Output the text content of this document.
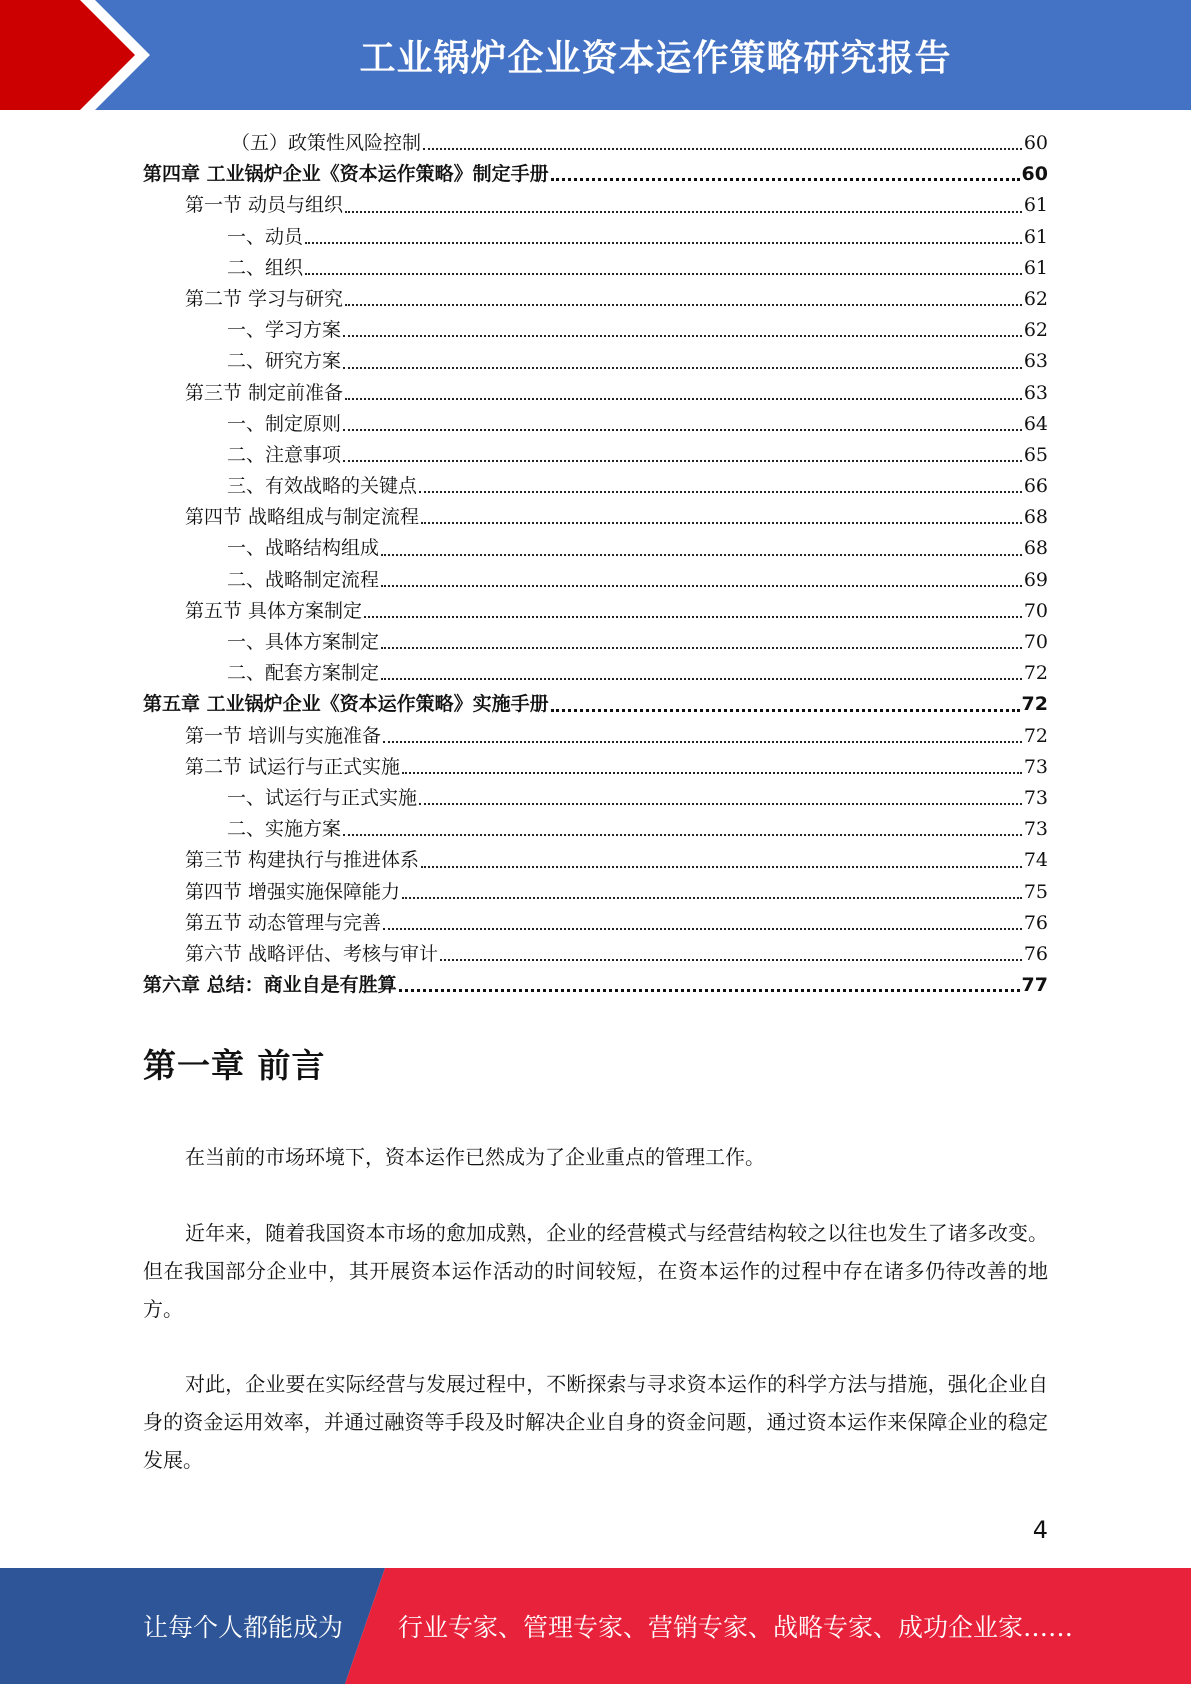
工业锅炉企业资本运作策略研究报告
（五）政策性风险控制	60
第四章 工业锅炉企业《资本运作策略》制定手册	60
第一节 动员与组织	61
一、动员	61
二、组织	61
第二节 学习与研究	62
一、学习方案	62
二、研究方案	63
第三节 制定前准备	63
一、制定原则	64
二、注意事项	65
三、有效战略的关键点	66
第四节 战略组成与制定流程	68
一、战略结构组成	68
二、战略制定流程	69
第五节 具体方案制定	70
一、具体方案制定	70
二、配套方案制定	72
第五章 工业锅炉企业《资本运作策略》实施手册	72
第一节 培训与实施准备	72
第二节 试运行与正式实施	73
一、试运行与正式实施	73
二、实施方案	73
第三节 构建执行与推进体系	74
第四节 增强实施保障能力	75
第五节 动态管理与完善	76
第六节 战略评估、考核与审计	76
第六章 总结：商业自是有胜算	77
第一章 前言

在当前的市场环境下，资本运作已然成为了企业重点的管理工作。

近年来，随着我国资本市场的愈加成熟，企业的经营模式与经营结构较之以往也发生了诸多改变。但在我国部分企业中，其开展资本运作活动的时间较短，在资本运作的过程中存在诸多仍待改善的地方。

对此，企业要在实际经营与发展过程中，不断探索与寻求资本运作的科学方法与措施，强化企业自身的资金运用效率，并通过融资等手段及时解决企业自身的资金问题，通过资本运作来保障企业的稳定发展。

4
让每个人都能成为 行业专家、管理专家、营销专家、战略专家、成功企业家……
